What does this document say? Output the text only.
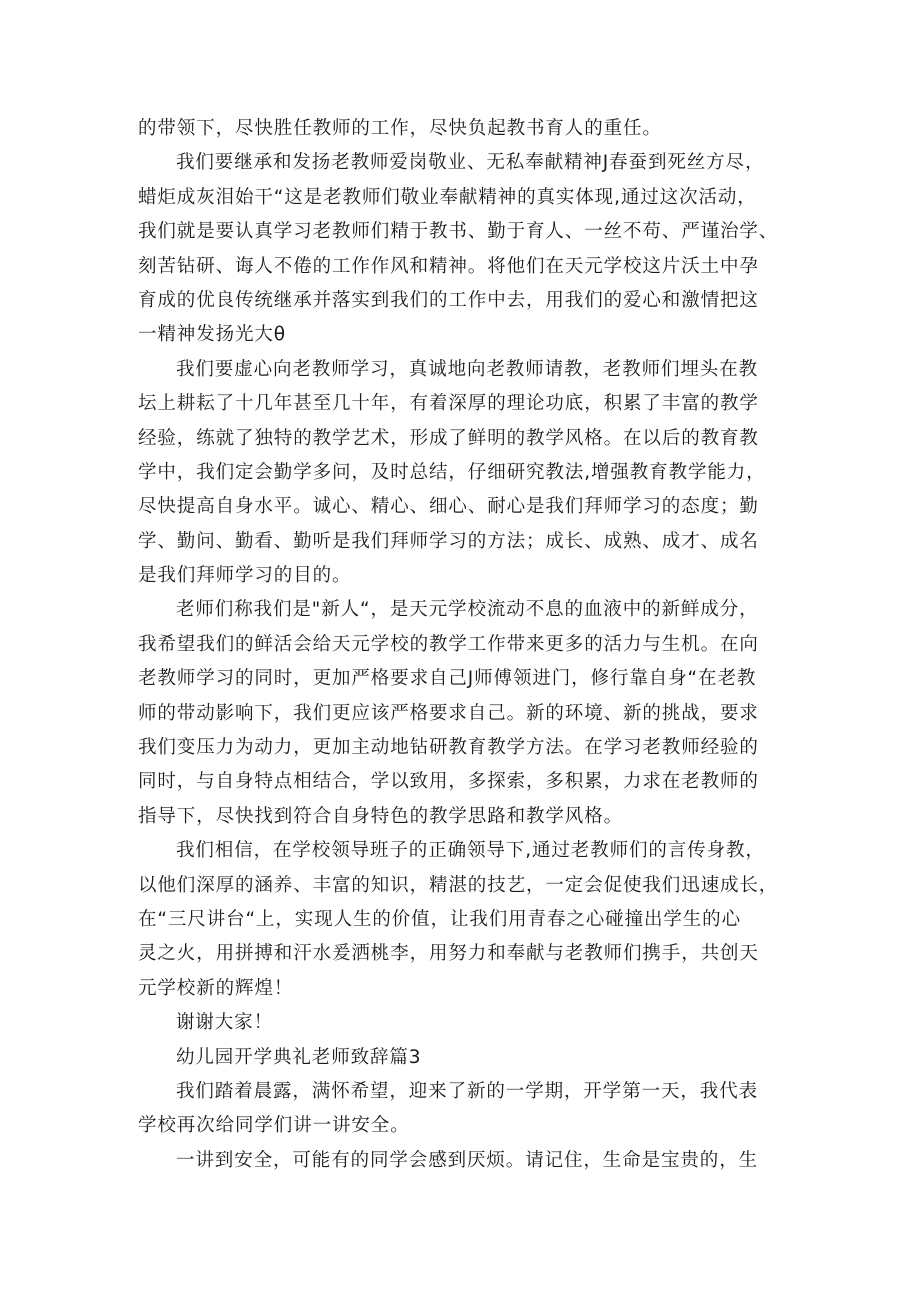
的带领下，尽快胜任教师的工作，尽快负起教书育人的重任。
我们要继承和发扬老教师爱岗敬业、无私奉献精神J春蚕到死丝方尽，
蜡炬成灰泪始干“这是老教师们敬业奉献精神的真实体现,通过这次活动，
我们就是要认真学习老教师们精于教书、勤于育人、一丝不苟、严谨治学、
刻苦钻研、诲人不倦的工作作风和精神。将他们在天元学校这片沃土中孕
育成的优良传统继承并落实到我们的工作中去，用我们的爱心和激情把这
一精神发扬光大θ
我们要虚心向老教师学习，真诚地向老教师请教，老教师们埋头在教
坛上耕耘了十几年甚至几十年，有着深厚的理论功底，积累了丰富的教学
经验，练就了独特的教学艺术，形成了鲜明的教学风格。在以后的教育教
学中，我们定会勤学多问，及时总结，仔细研究教法,增强教育教学能力，
尽快提高自身水平。诚心、精心、细心、耐心是我们拜师学习的态度；勤
学、勤问、勤看、勤听是我们拜师学习的方法；成长、成熟、成才、成名
是我们拜师学习的目的。
老师们称我们是"新人“，是天元学校流动不息的血液中的新鲜成分，
我希望我们的鲜活会给天元学校的教学工作带来更多的活力与生机。在向
老教师学习的同时，更加严格要求自己J师傅领进门，修行靠自身“在老教
师的带动影响下，我们更应该严格要求自己。新的环境、新的挑战，要求
我们变压力为动力，更加主动地钻研教育教学方法。在学习老教师经验的
同时，与自身特点相结合，学以致用，多探索，多积累，力求在老教师的
指导下，尽快找到符合自身特色的教学思路和教学风格。
我们相信，在学校领导班子的正确领导下,通过老教师们的言传身教，
以他们深厚的涵养、丰富的知识，精湛的技艺，一定会促使我们迅速成长，
在“三尺讲台“上，实现人生的价值，让我们用青春之心碰撞出学生的心
灵之火，用拼搏和汗水爰洒桃李，用努力和奉献与老教师们携手，共创天
元学校新的辉煌！
谢谢大家！
幼儿园开学典礼老师致辞篇3
我们踏着晨露，满怀希望，迎来了新的一学期，开学第一天，我代表
学校再次给同学们讲一讲安全。
一讲到安全，可能有的同学会感到厌烦。请记住，生命是宝贵的，生
